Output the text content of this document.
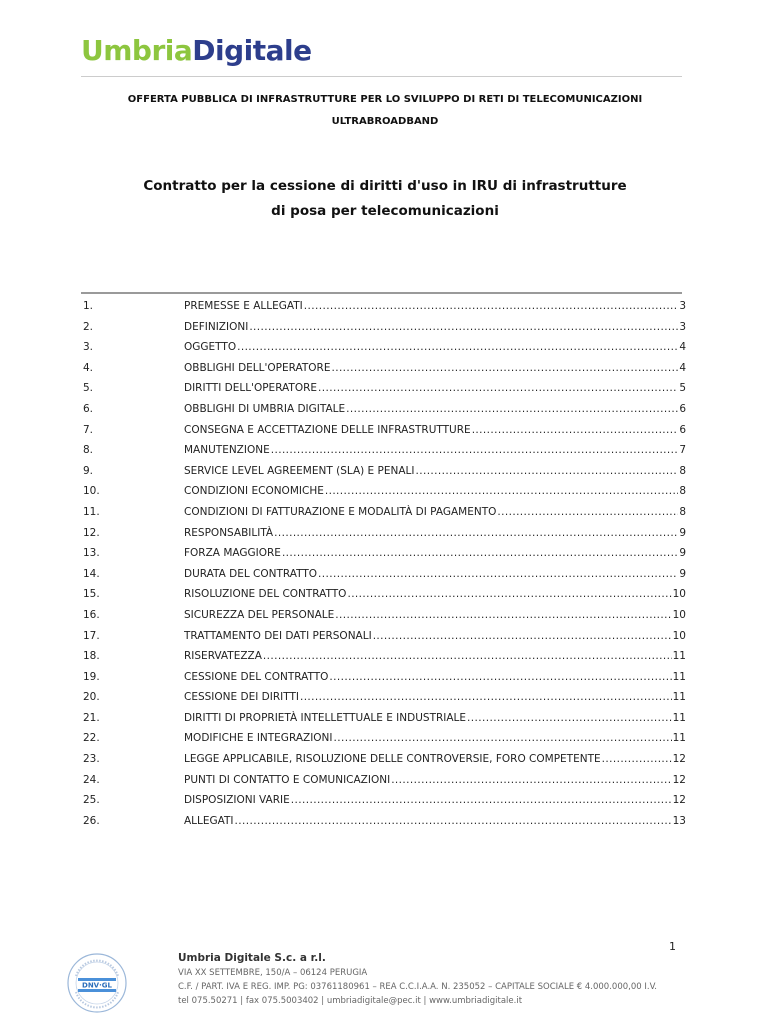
UmbriaDigitale
OFFERTA PUBBLICA DI INFRASTRUTTURE PER LO SVILUPPO DI RETI DI TELECOMUNICAZIONI
ULTRABROADBAND
Contratto per la cessione di diritti d'uso in IRU di infrastrutture
di posa per telecomunicazioni
1.	PREMESSE E ALLEGATI .....	3
2.	DEFINIZIONI .....	3
3.	OGGETTO .....	4
4.	OBBLIGHI DELL'OPERATORE .....	4
5.	DIRITTI DELL'OPERATORE .....	5
6.	OBBLIGHI DI UMBRIA DIGITALE .....	6
7.	CONSEGNA E ACCETTAZIONE DELLE INFRASTRUTTURE .....	6
8.	MANUTENZIONE .....	7
9.	SERVICE LEVEL AGREEMENT (SLA) E PENALI .....	8
10.	CONDIZIONI ECONOMICHE .....	8
11.	CONDIZIONI DI FATTURAZIONE E MODALITÀ DI PAGAMENTO .....	8
12.	RESPONSABILITÀ .....	9
13.	FORZA MAGGIORE .....	9
14.	DURATA DEL CONTRATTO .....	9
15.	RISOLUZIONE DEL CONTRATTO .....	10
16.	SICUREZZA DEL PERSONALE .....	10
17.	TRATTAMENTO DEI DATI PERSONALI .....	10
18.	RISERVATEZZA .....	11
19.	CESSIONE DEL CONTRATTO .....	11
20.	CESSIONE DEI DIRITTI .....	11
21.	DIRITTI DI PROPRIETÀ INTELLETTUALE E INDUSTRIALE .....	11
22.	MODIFICHE E INTEGRAZIONI .....	11
23.	LEGGE APPLICABILE, RISOLUZIONE DELLE CONTROVERSIE, FORO COMPETENTE .....	12
24.	PUNTI DI CONTATTO E COMUNICAZIONI .....	12
25.	DISPOSIZIONI VARIE .....	12
26.	ALLEGATI .....	13
1
DNV·GL
Umbria Digitale S.c. a r.l.
VIA XX SETTEMBRE, 150/A – 06124 PERUGIA
C.F. / PART. IVA E REG. IMP. PG: 03761180961 – REA C.C.I.A.A. N. 235052 – CAPITALE SOCIALE € 4.000.000,00 I.V.
tel 075.50271 | fax 075.5003402 | umbriadigitale@pec.it | www.umbriadigitale.it
